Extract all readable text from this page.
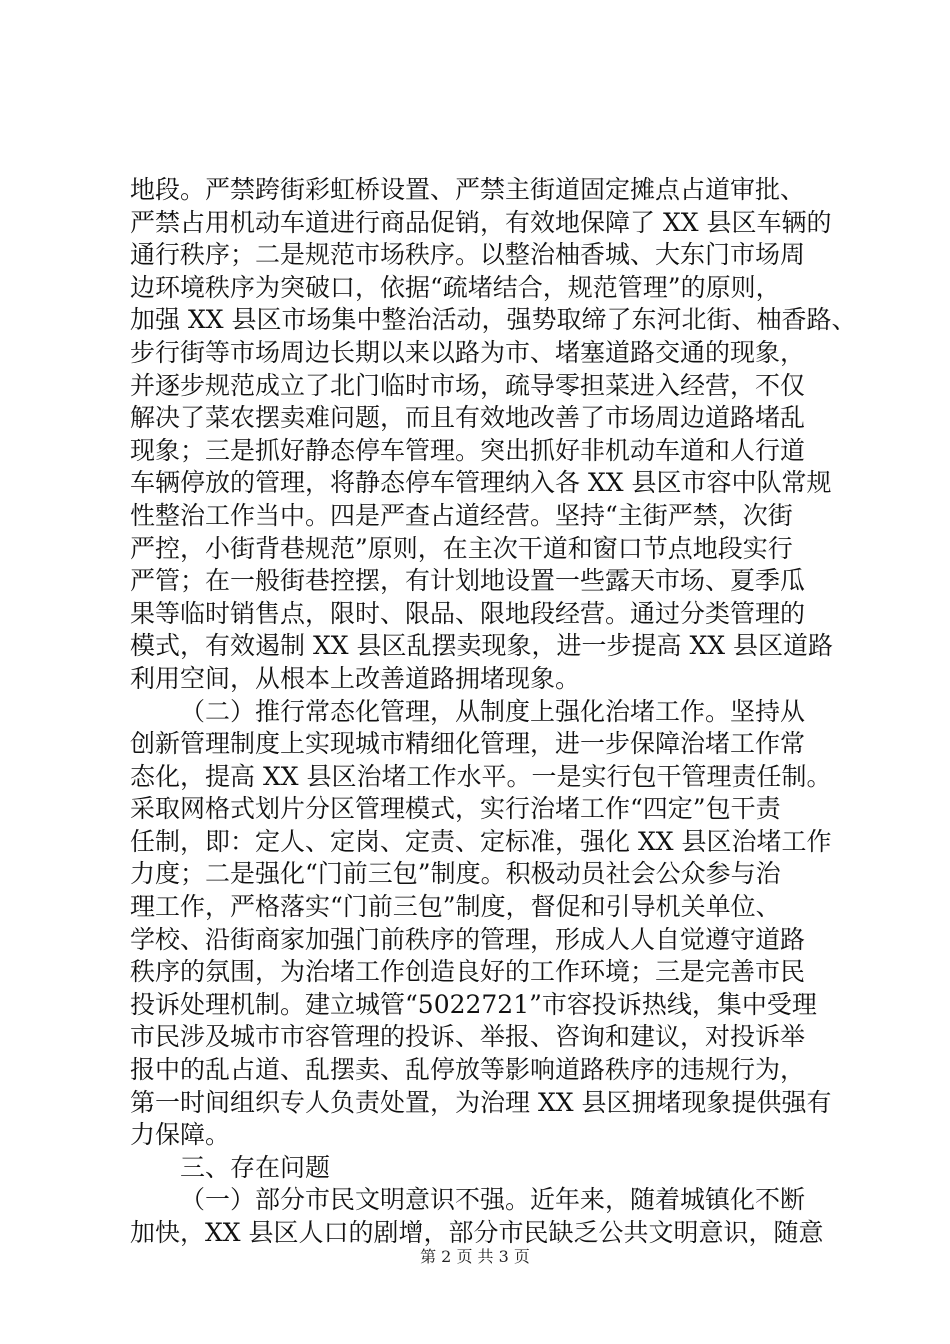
地段。严禁跨街彩虹桥设置、严禁主街道固定摊点占道审批、
严禁占用机动车道进行商品促销，有效地保障了 XX 县区车辆的
通行秩序；二是规范市场秩序。以整治柚香城、大东门市场周
边环境秩序为突破口，依据“疏堵结合，规范管理”的原则，
加强 XX 县区市场集中整治活动，强势取缔了东河北街、柚香路、
步行街等市场周边长期以来以路为市、堵塞道路交通的现象，
并逐步规范成立了北门临时市场，疏导零担菜进入经营，不仅
解决了菜农摆卖难问题，而且有效地改善了市场周边道路堵乱
现象；三是抓好静态停车管理。突出抓好非机动车道和人行道
车辆停放的管理，将静态停车管理纳入各 XX 县区市容中队常规
性整治工作当中。四是严查占道经营。坚持“主街严禁，次街
严控，小街背巷规范”原则，在主次干道和窗口节点地段实行
严管；在一般街巷控摆，有计划地设置一些露天市场、夏季瓜
果等临时销售点，限时、限品、限地段经营。通过分类管理的
模式，有效遏制 XX 县区乱摆卖现象，进一步提高 XX 县区道路
利用空间，从根本上改善道路拥堵现象。
（二）推行常态化管理，从制度上强化治堵工作。坚持从
创新管理制度上实现城市精细化管理，进一步保障治堵工作常
态化，提高 XX 县区治堵工作水平。一是实行包干管理责任制。
采取网格式划片分区管理模式，实行治堵工作“四定”包干责
任制，即：定人、定岗、定责、定标准，强化 XX 县区治堵工作
力度；二是强化“门前三包”制度。积极动员社会公众参与治
理工作，严格落实“门前三包”制度，督促和引导机关单位、
学校、沿街商家加强门前秩序的管理，形成人人自觉遵守道路
秩序的氛围，为治堵工作创造良好的工作环境；三是完善市民
投诉处理机制。建立城管“5022721”市容投诉热线，集中受理
市民涉及城市市容管理的投诉、举报、咨询和建议，对投诉举
报中的乱占道、乱摆卖、乱停放等影响道路秩序的违规行为，
第一时间组织专人负责处置，为治理 XX 县区拥堵现象提供强有
力保障。
三、存在问题
（一）部分市民文明意识不强。近年来，随着城镇化不断
加快，XX 县区人口的剧增，部分市民缺乏公共文明意识，随意
第 2 页 共 3 页
